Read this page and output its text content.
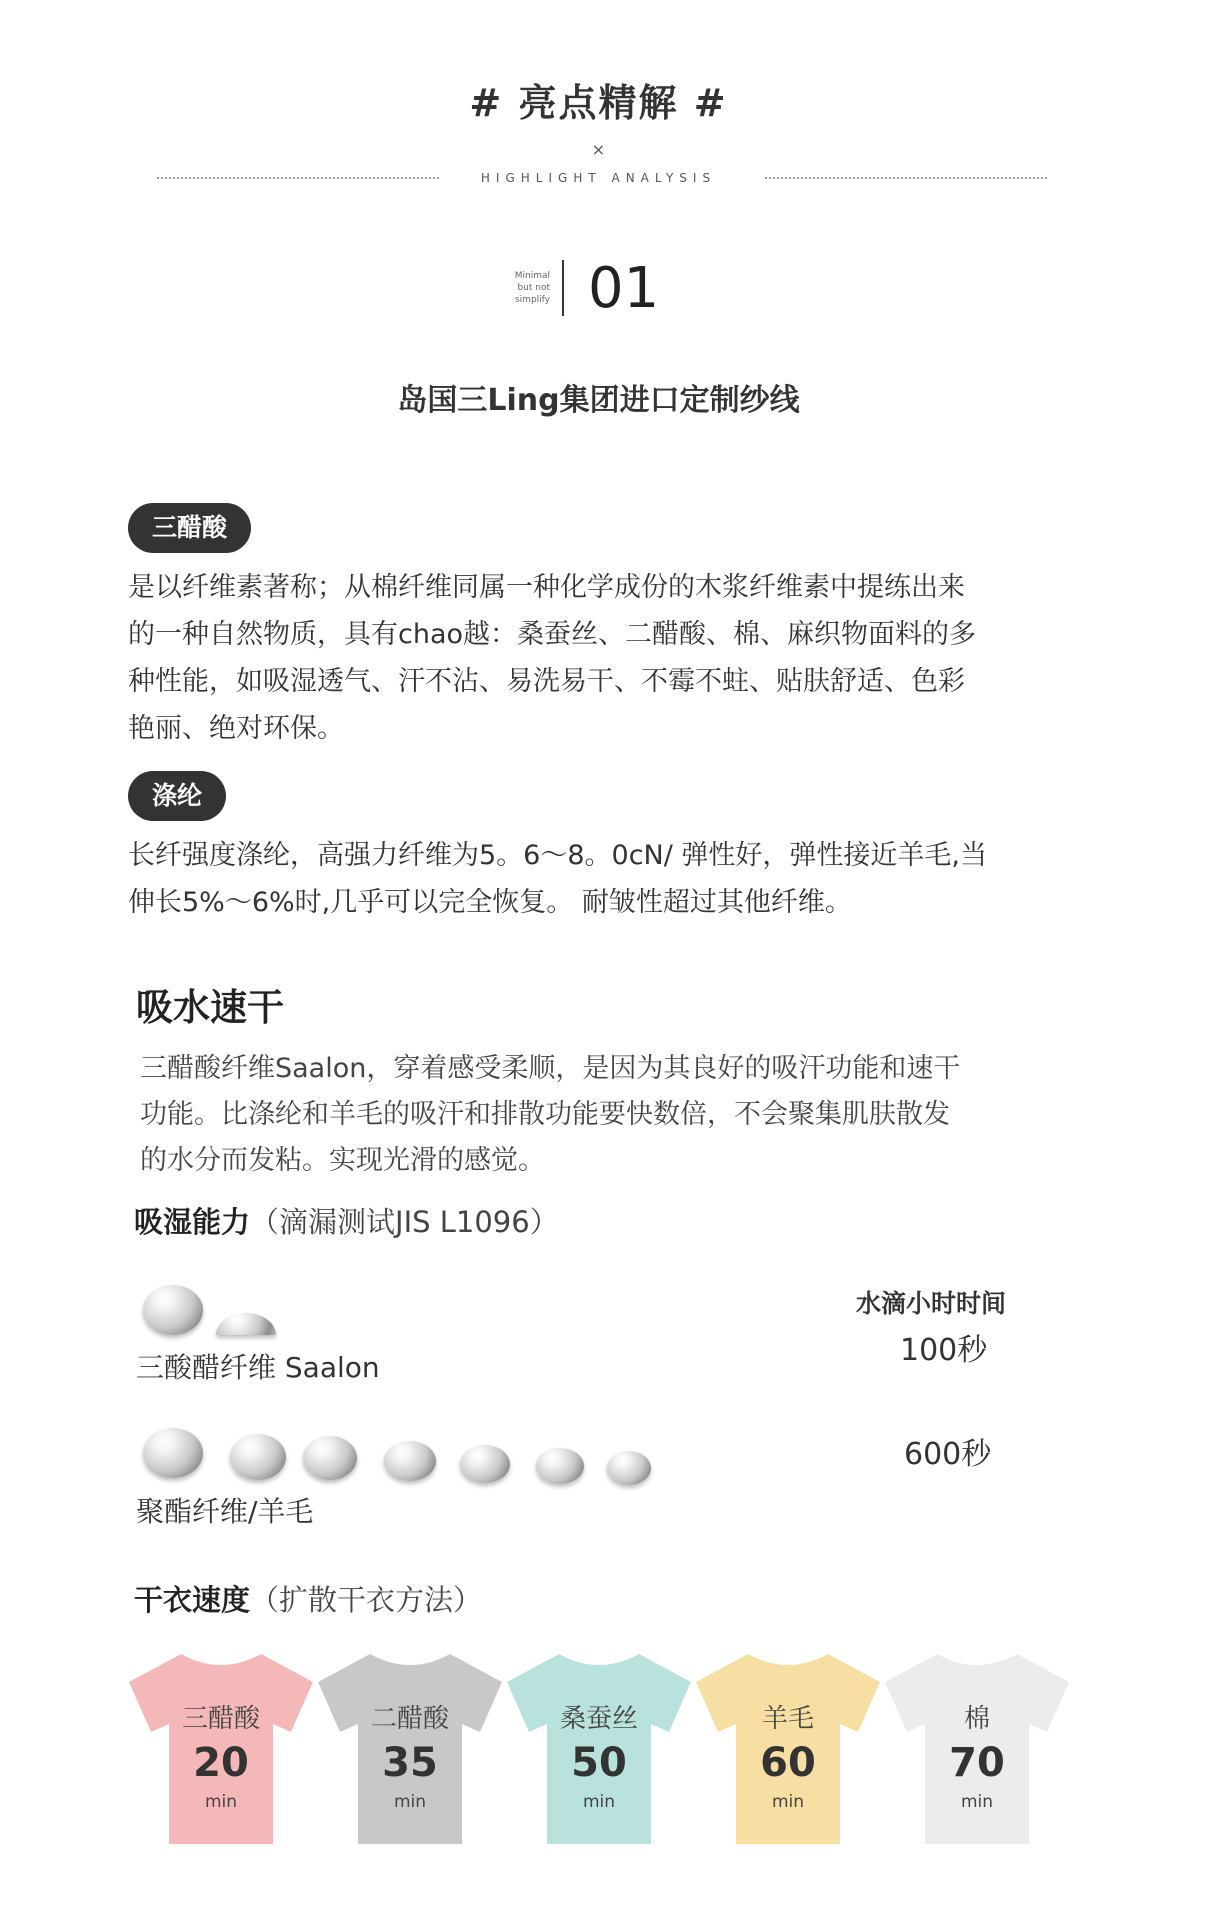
# 亮点精解 #
×
HIGHLIGHT ANALYSIS
Minimal
but not
simplify 01
岛国三Ling集团进口定制纱线
三醋酸
是以纤维素著称；从棉纤维同属一种化学成份的木浆纤维素中提练出来
的一种自然物质，具有chao越：桑蚕丝、二醋酸、棉、麻织物面料的多
种性能，如吸湿透气、汗不沾、易洗易干、不霉不蛀、贴肤舒适、色彩
艳丽、绝对环保。
涤纶
长纤强度涤纶，高强力纤维为5。6～8。0cN/ 弹性好，弹性接近羊毛,当
伸长5%～6%时,几乎可以完全恢复。 耐皱性超过其他纤维。
吸水速干
三醋酸纤维Saalon，穿着感受柔顺，是因为其良好的吸汗功能和速干
功能。比涤纶和羊毛的吸汗和排散功能要快数倍，不会聚集肌肤散发
的水分而发粘。实现光滑的感觉。
吸湿能力（滴漏测试JIS L1096）
水滴小时时间
三酸醋纤维 Saalon	100秒
聚酯纤维/羊毛
600秒
干衣速度（扩散干衣方法）
三醋酸
20
min
二醋酸
35
min
桑蚕丝
50
min
羊毛
60
min
棉
70
min
